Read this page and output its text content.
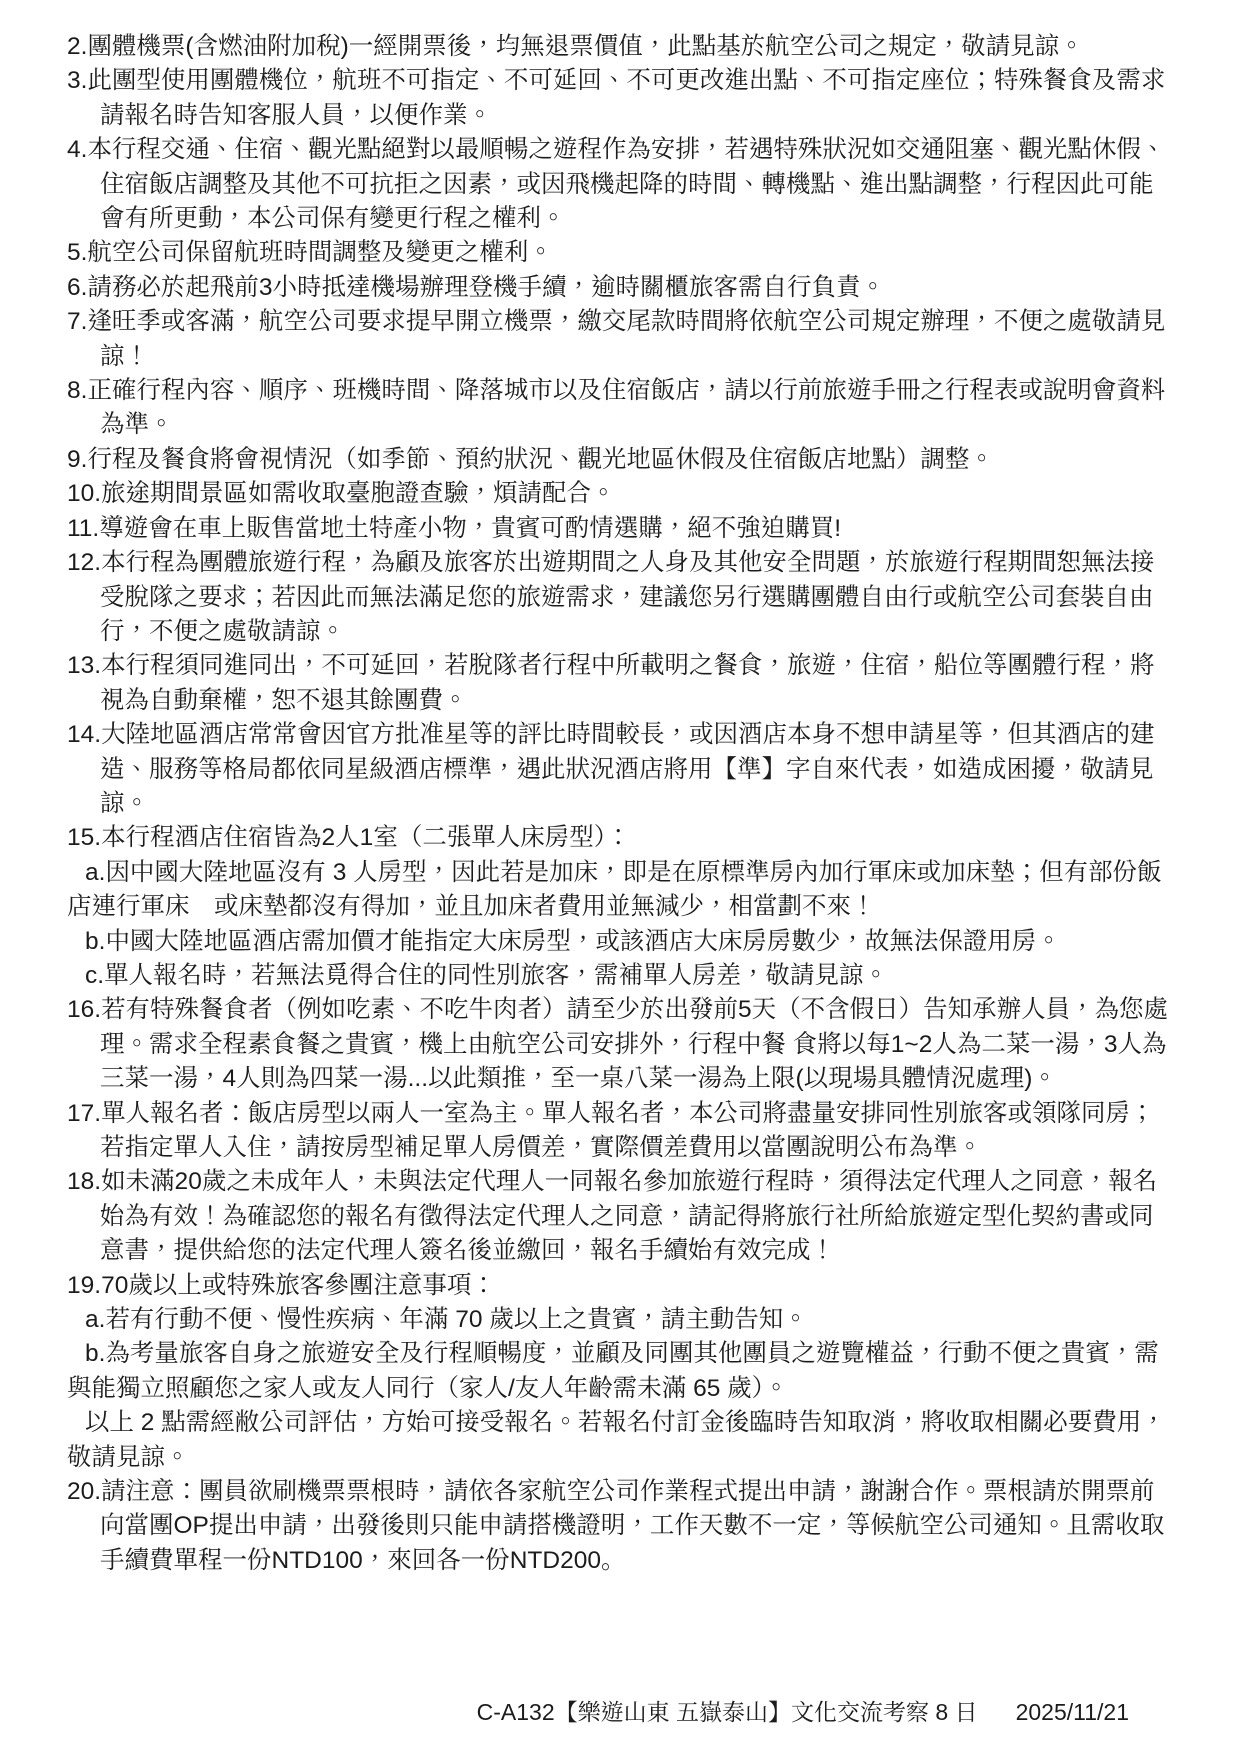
2.團體機票(含燃油附加稅)一經開票後，均無退票價值，此點基於航空公司之規定，敬請見諒。
3.此團型使用團體機位，航班不可指定、不可延回、不可更改進出點、不可指定座位；特殊餐食及需求請報名時告知客服人員，以便作業。
4.本行程交通、住宿、觀光點絕對以最順暢之遊程作為安排，若遇特殊狀況如交通阻塞、觀光點休假、住宿飯店調整及其他不可抗拒之因素，或因飛機起降的時間、轉機點、進出點調整，行程因此可能會有所更動，本公司保有變更行程之權利。
5.航空公司保留航班時間調整及變更之權利。
6.請務必於起飛前3小時抵達機場辦理登機手續，逾時關櫃旅客需自行負責。
7.逢旺季或客滿，航空公司要求提早開立機票，繳交尾款時間將依航空公司規定辦理，不便之處敬請見諒！
8.正確行程內容、順序、班機時間、降落城市以及住宿飯店，請以行前旅遊手冊之行程表或說明會資料為準。
9.行程及餐食將會視情況（如季節、預約狀況、觀光地區休假及住宿飯店地點）調整。
10.旅途期間景區如需收取臺胞證查驗，煩請配合。
11.導遊會在車上販售當地土特產小物，貴賓可酌情選購，絕不強迫購買!
12.本行程為團體旅遊行程，為顧及旅客於出遊期間之人身及其他安全問題，於旅遊行程期間恕無法接受脫隊之要求；若因此而無法滿足您的旅遊需求，建議您另行選購團體自由行或航空公司套裝自由行，不便之處敬請諒。
13.本行程須同進同出，不可延回，若脫隊者行程中所載明之餐食，旅遊，住宿，船位等團體行程，將視為自動棄權，恕不退其餘團費。
14.大陸地區酒店常常會因官方批准星等的評比時間較長，或因酒店本身不想申請星等，但其酒店的建造、服務等格局都依同星級酒店標準，遇此狀況酒店將用【準】字自來代表，如造成困擾，敬請見諒。
15.本行程酒店住宿皆為2人1室（二張單人床房型）：
a.因中國大陸地區沒有 3 人房型，因此若是加床，即是在原標準房內加行軍床或加床墊；但有部份飯店連行軍床　或床墊都沒有得加，並且加床者費用並無減少，相當劃不來！
b.中國大陸地區酒店需加價才能指定大床房型，或該酒店大床房房數少，故無法保證用房。
c.單人報名時，若無法覓得合住的同性別旅客，需補單人房差，敬請見諒。
16.若有特殊餐食者（例如吃素、不吃牛肉者）請至少於出發前5天（不含假日）告知承辦人員，為您處理。需求全程素食餐之貴賓，機上由航空公司安排外，行程中餐 食將以每1~2人為二菜一湯，3人為三菜一湯，4人則為四菜一湯...以此類推，至一桌八菜一湯為上限(以現場具體情況處理)。
17.單人報名者：飯店房型以兩人一室為主。單人報名者，本公司將盡量安排同性別旅客或領隊同房；若指定單人入住，請按房型補足單人房價差，實際價差費用以當團說明公布為準。
18.如未滿20歲之未成年人，未與法定代理人一同報名參加旅遊行程時，須得法定代理人之同意，報名始為有效！為確認您的報名有徵得法定代理人之同意，請記得將旅行社所給旅遊定型化契約書或同意書，提供給您的法定代理人簽名後並繳回，報名手續始有效完成！
19.70歲以上或特殊旅客參團注意事項：
a.若有行動不便、慢性疾病、年滿 70 歲以上之貴賓，請主動告知。
b.為考量旅客自身之旅遊安全及行程順暢度，並顧及同團其他團員之遊覽權益，行動不便之貴賓，需與能獨立照顧您之家人或友人同行（家人/友人年齡需未滿 65 歲）。
以上 2 點需經敝公司評估，方始可接受報名。若報名付訂金後臨時告知取消，將收取相關必要費用，敬請見諒。
20.請注意：團員欲刷機票票根時，請依各家航空公司作業程式提出申請，謝謝合作。票根請於開票前向當團OP提出申請，出發後則只能申請搭機證明，工作天數不一定，等候航空公司通知。且需收取手續費單程一份NTD100，來回各一份NTD200。
C-A132【樂遊山東 五嶽泰山】文化交流考察 8 日 2025/11/21
